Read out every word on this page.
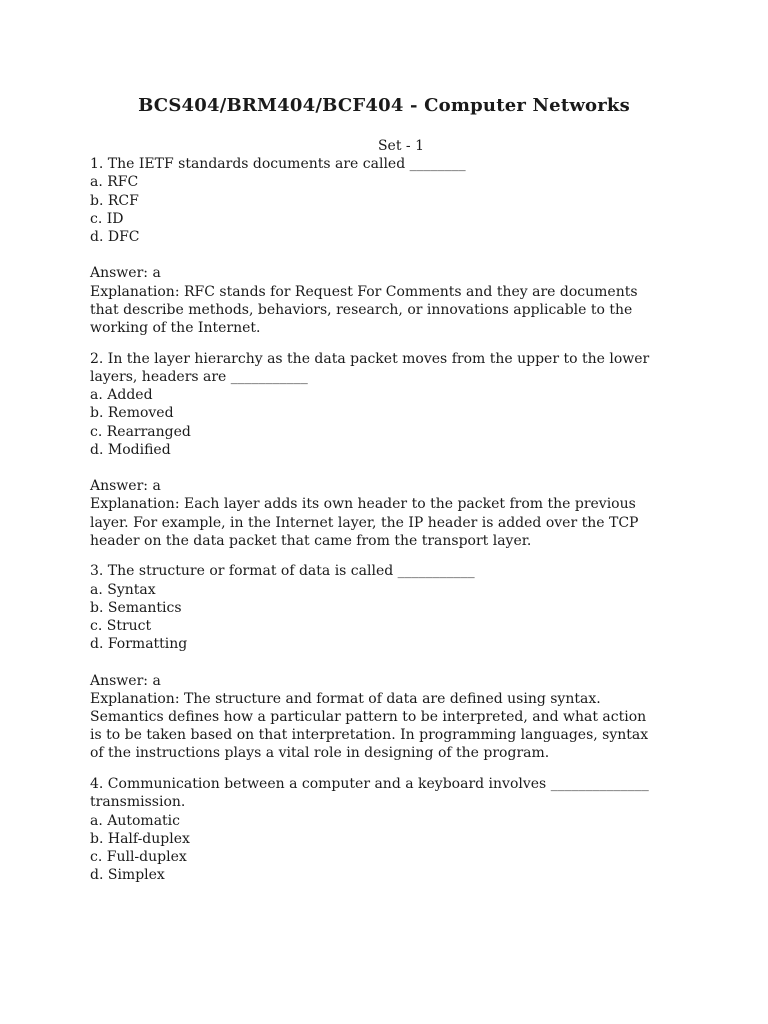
BCS404/BRM404/BCF404 - Computer Networks
Set - 1
1. The IETF standards documents are called ________
a. RFC
b. RCF
c. ID
d. DFC
Answer: a
Explanation: RFC stands for Request For Comments and they are documents
that describe methods, behaviors, research, or innovations applicable to the
working of the Internet.
2. In the layer hierarchy as the data packet moves from the upper to the lower
layers, headers are ___________
a. Added
b. Removed
c. Rearranged
d. Modified
Answer: a
Explanation: Each layer adds its own header to the packet from the previous
layer. For example, in the Internet layer, the IP header is added over the TCP
header on the data packet that came from the transport layer.
3. The structure or format of data is called ___________
a. Syntax
b. Semantics
c. Struct
d. Formatting
Answer: a
Explanation: The structure and format of data are defined using syntax.
Semantics defines how a particular pattern to be interpreted, and what action
is to be taken based on that interpretation. In programming languages, syntax
of the instructions plays a vital role in designing of the program.
4. Communication between a computer and a keyboard involves ______________
transmission.
a. Automatic
b. Half-duplex
c. Full-duplex
d. Simplex
